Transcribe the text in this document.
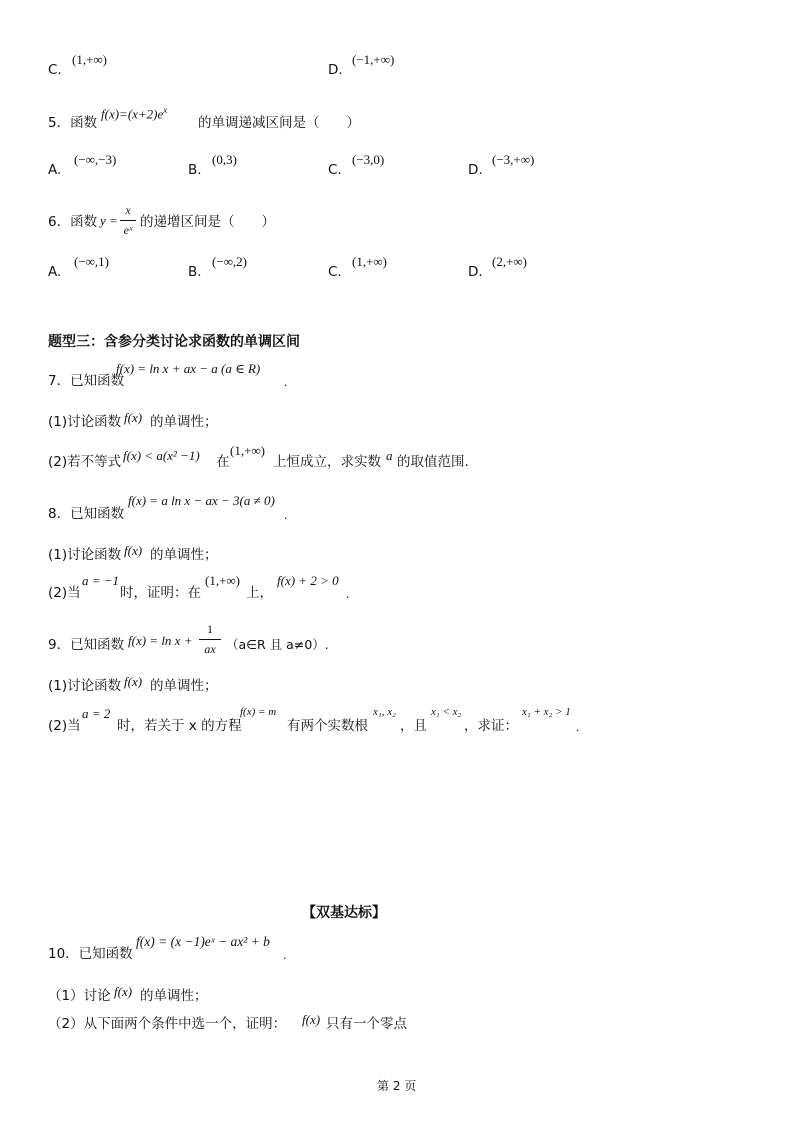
C.
(1,+∞)
D.
(−1,+∞)
5．函数
$f(x)=(x+2)e^x$
的单调递减区间是（　　）
A.
(−∞,−3)
B.
(0,3)
C.
(−3,0)
D.
(−3,+∞)
6．函数 y =
x
eˣ 的递增区间是（　　）
A.
(−∞,1)
B.
(−∞,2)
C.
(1,+∞)
D.
(2,+∞)
题型三：含参分类讨论求函数的单调区间
7．已知函数
f(x) = ln x + ax − a (a ∈ R)
.
(1)讨论函数 f(x) 的单调性；
(2)若不等式 f(x) < a(x² −1) 在
(1,+∞)
上恒成立，求实数 a 的取值范围.
8．已知函数
f(x) = a ln x − ax − 3(a ≠ 0)
.
(1)讨论函数 f(x) 的单调性；
(2)当
a = −1
时，证明：在
(1,+∞)
上，
f(x) + 2 > 0
.
9．已知函数 f(x) = ln x +
1
ax （a∈R 且 a≠0）.
(1)讨论函数 f(x) 的单调性；
(2)当
a = 2
时，若关于 x 的方程
f(x) = m
有两个实数根
x₁, x₂
，且
x₁ < x₂
，求证：
x₁ + x₂ > 1
.
【双基达标】
10．已知函数
f(x) = (x −1)eˣ − ax² + b
.
（1）讨论 f(x) 的单调性；
（2）从下面两个条件中选一个，证明： f(x) 只有一个零点
第 2 页
